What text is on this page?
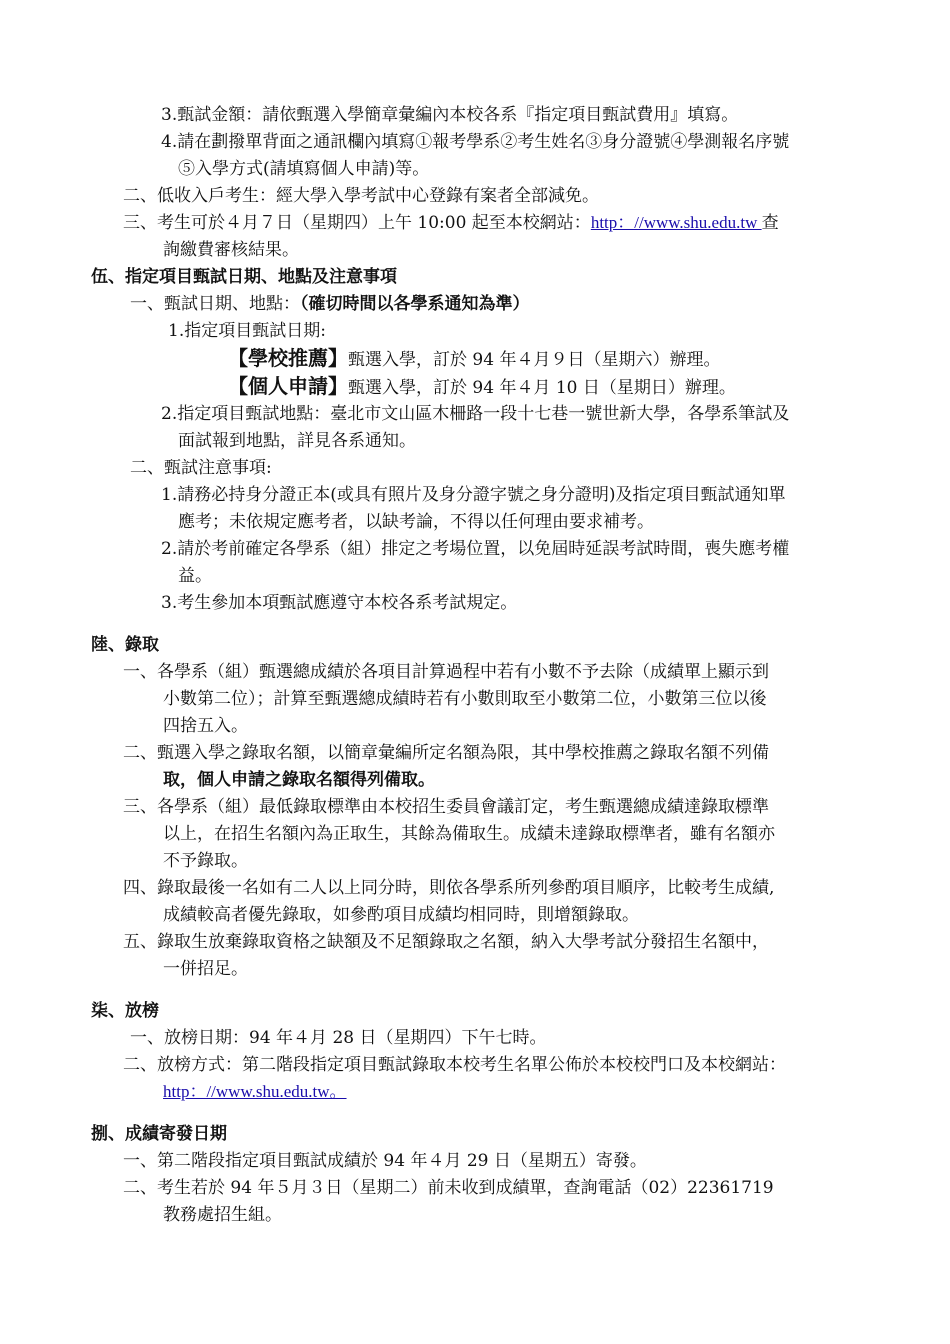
3.甄試金額：請依甄選入學簡章彙編內本校各系『指定項目甄試費用』填寫。
4.請在劃撥單背面之通訊欄內填寫①報考學系②考生姓名③身分證號④學測報名序號
⑤入學方式(請填寫個人申請)等。
二、低收入戶考生：經大學入學考試中心登錄有案者全部減免。
三、考生可於４月７日（星期四）上午 10:00 起至本校網站：http：//www.shu.edu.tw 查
詢繳費審核結果。
伍、指定項目甄試日期、地點及注意事項
一、甄試日期、地點：（確切時間以各學系通知為準）
1.指定項目甄試日期:
【學校推薦】甄選入學，訂於 94 年４月９日（星期六）辦理。
【個人申請】甄選入學，訂於 94 年４月 10 日（星期日）辦理。
2.指定項目甄試地點：臺北市文山區木柵路一段十七巷一號世新大學，各學系筆試及
面試報到地點，詳見各系通知。
二、甄試注意事項:
1.請務必持身分證正本(或具有照片及身分證字號之身分證明)及指定項目甄試通知單
應考；未依規定應考者，以缺考論，不得以任何理由要求補考。
2.請於考前確定各學系（組）排定之考場位置，以免屆時延誤考試時間，喪失應考權
益。
3.考生參加本項甄試應遵守本校各系考試規定。
陸、錄取
一、各學系（組）甄選總成績於各項目計算過程中若有小數不予去除（成績單上顯示到
小數第二位）；計算至甄選總成績時若有小數則取至小數第二位，小數第三位以後
四捨五入。
二、甄選入學之錄取名額，以簡章彙編所定名額為限，其中學校推薦之錄取名額不列備
取，個人申請之錄取名額得列備取。
三、各學系（組）最低錄取標準由本校招生委員會議訂定，考生甄選總成績達錄取標準
以上，在招生名額內為正取生，其餘為備取生。成績未達錄取標準者，雖有名額亦
不予錄取。
四、錄取最後一名如有二人以上同分時，則依各學系所列參酌項目順序，比較考生成績,
成績較高者優先錄取，如參酌項目成績均相同時，則增額錄取。
五、錄取生放棄錄取資格之缺額及不足額錄取之名額，納入大學考試分發招生名額中，
一併招足。
柒、放榜
一、放榜日期：94 年４月 28 日（星期四）下午七時。
二、放榜方式：第二階段指定項目甄試錄取本校考生名單公佈於本校校門口及本校網站：
http：//www.shu.edu.tw。
捌、成績寄發日期
一、第二階段指定項目甄試成績於 94 年４月 29 日（星期五）寄發。
二、考生若於 94 年５月３日（星期二）前未收到成績單，查詢電話（02）22361719
教務處招生組。
